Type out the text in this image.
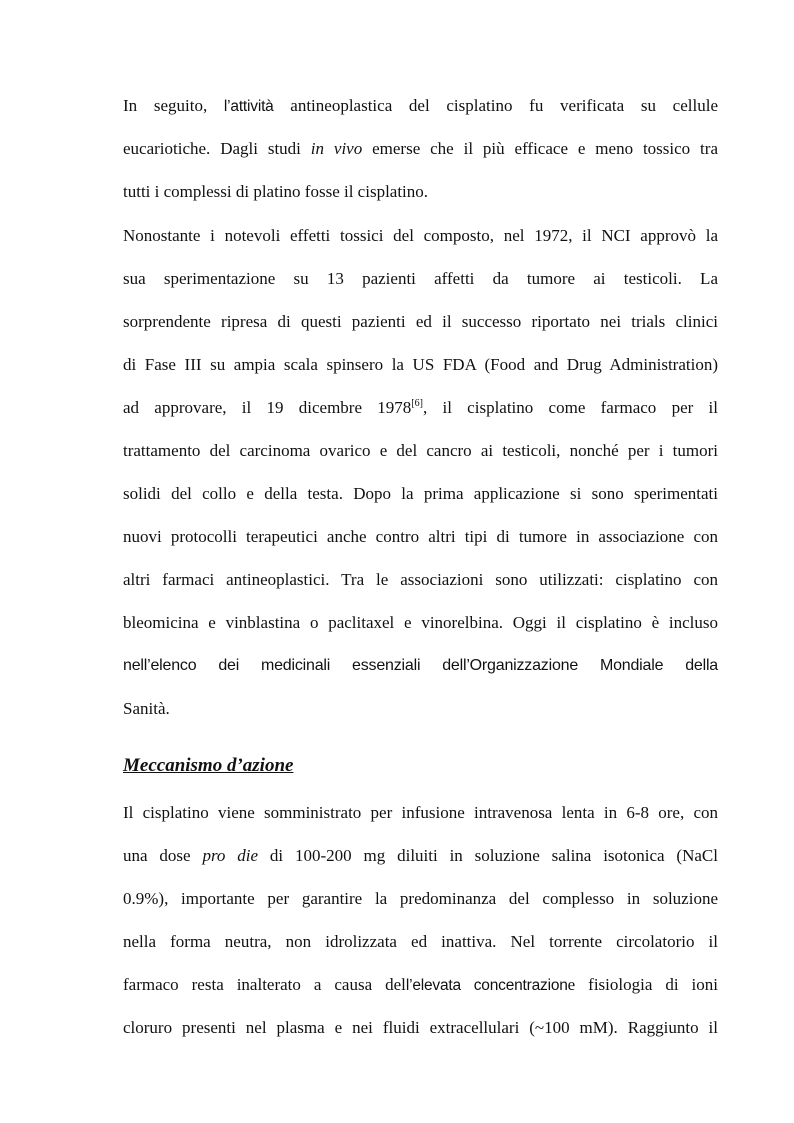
In seguito, l’attività antineoplastica del cisplatino fu verificata su cellule
eucariotiche. Dagli studi in vivo emerse che il più efficace e meno tossico tra
tutti i complessi di platino fosse il cisplatino.
Nonostante i notevoli effetti tossici del composto, nel 1972, il NCI approvò la
sua sperimentazione su 13 pazienti affetti da tumore ai testicoli. La
sorprendente ripresa di questi pazienti ed il successo riportato nei trials clinici
di Fase III su ampia scala spinsero la US FDA (Food and Drug Administration)
ad approvare, il 19 dicembre 1978[6], il cisplatino come farmaco per il
trattamento del carcinoma ovarico e del cancro ai testicoli, nonché per i tumori
solidi del collo e della testa. Dopo la prima applicazione si sono sperimentati
nuovi protocolli terapeutici anche contro altri tipi di tumore in associazione con
altri farmaci antineoplastici. Tra le associazioni sono utilizzati: cisplatino con
bleomicina e vinblastina o paclitaxel e vinorelbina. Oggi il cisplatino è incluso
nell’elenco dei medicinali essenziali dell’Organizzazione Mondiale della
Sanità.
Meccanismo d’azione
Il cisplatino viene somministrato per infusione intravenosa lenta in 6-8 ore, con
una dose pro die di 100-200 mg diluiti in soluzione salina isotonica (NaCl
0.9%), importante per garantire la predominanza del complesso in soluzione
nella forma neutra, non idrolizzata ed inattiva. Nel torrente circolatorio il
farmaco resta inalterato a causa dell’elevata concentrazione fisiologia di ioni
cloruro presenti nel plasma e nei fluidi extracellulari (~100 mM). Raggiunto il
